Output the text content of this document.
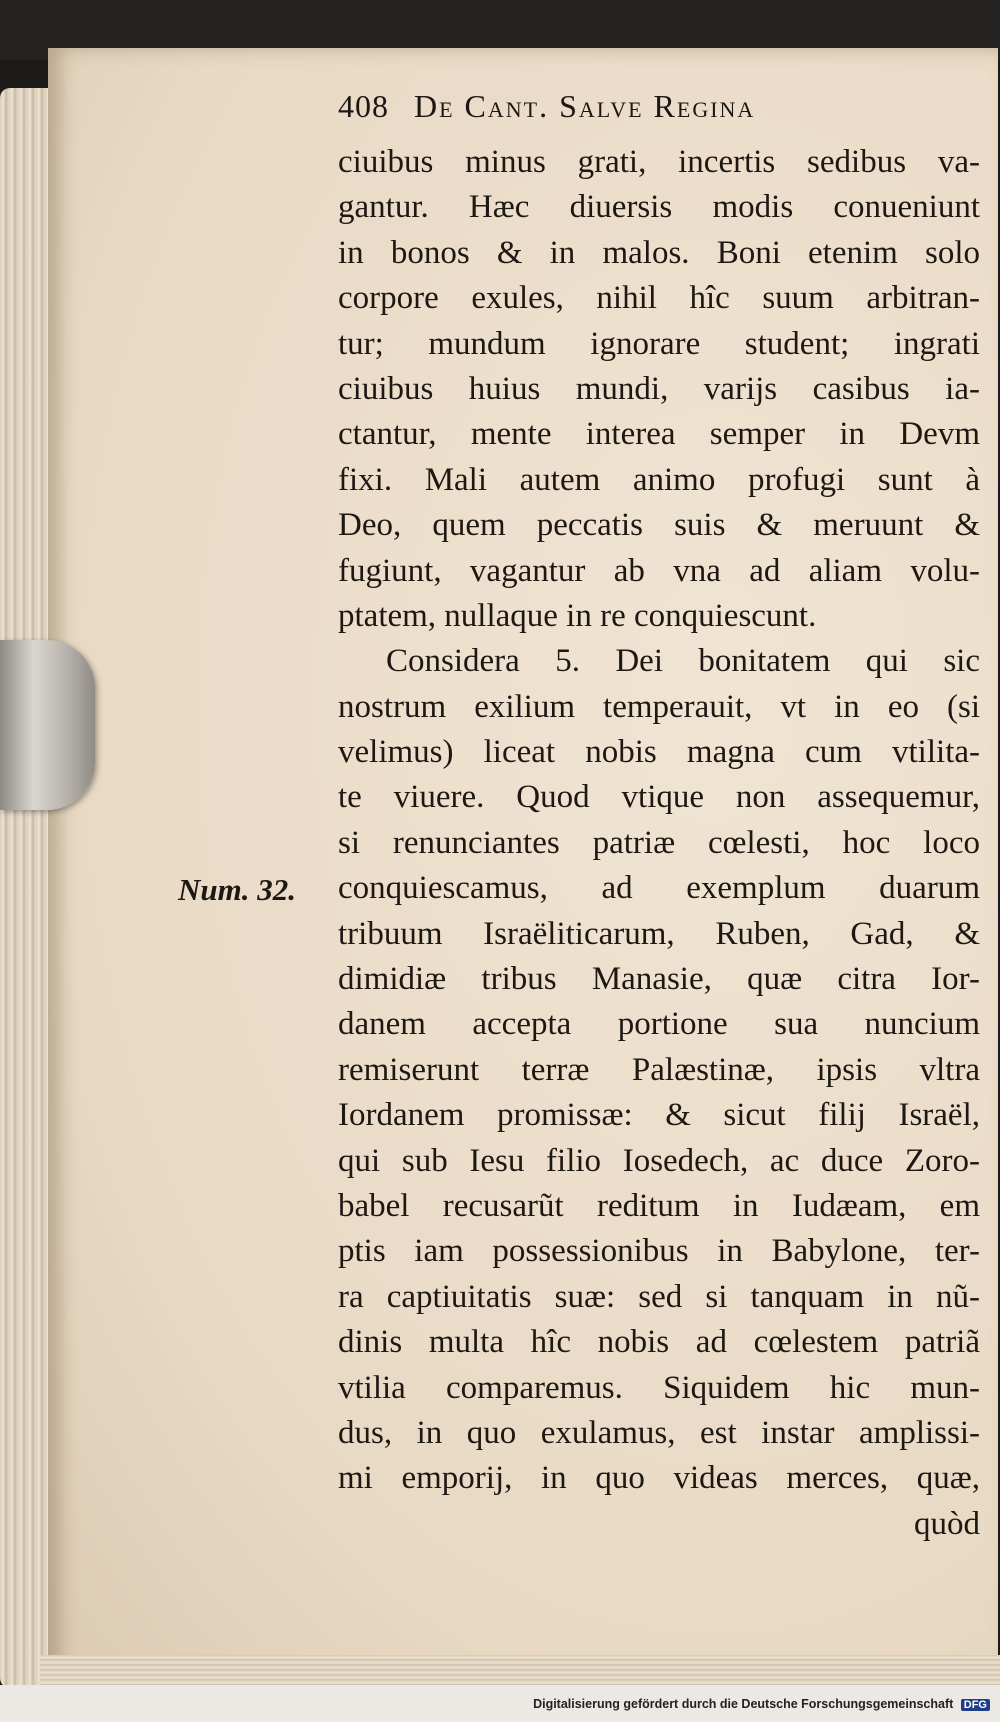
408 De Cant. Salve Regina
ciuibus minus grati, incertis sedibus va-
gantur. Hæc diuersis modis conueniunt
in bonos & in malos. Boni etenim solo
corpore exules, nihil hîc suum arbitran-
tur; mundum ignorare student; ingrati
ciuibus huius mundi, varijs casibus ia-
ctantur, mente interea semper in Devm
fixi. Mali autem animo profugi sunt à
Deo, quem peccatis suis & meruunt &
fugiunt, vagantur ab vna ad aliam volu-
ptatem, nullaque in re conquiescunt.
Considera 5. Dei bonitatem qui sic
nostrum exilium temperauit, vt in eo (si
velimus) liceat nobis magna cum vtilita-
te viuere. Quod vtique non assequemur,
si renunciantes patriæ cœlesti, hoc loco
conquiescamus, ad exemplum duarum
tribuum Israëliticarum, Ruben, Gad, &
dimidiæ tribus Manasie, quæ citra Ior-
danem accepta portione sua nuncium
remiserunt terræ Palæstinæ, ipsis vltra
Iordanem promissæ: & sicut filij Israël,
qui sub Iesu filio Iosedech, ac duce Zoro-
babel recusarũt reditum in Iudæam, em
ptis iam possessionibus in Babylone, ter-
ra captiuitatis suæ: sed si tanquam in nũ-
dinis multa hîc nobis ad cœlestem patriã
vtilia comparemus. Siquidem hic mun-
dus, in quo exulamus, est instar amplissi-
mi emporij, in quo videas merces, quæ,
quòd
Num. 32.
Digitalisierung gefördert durch die Deutsche Forschungsgemeinschaft DFG
